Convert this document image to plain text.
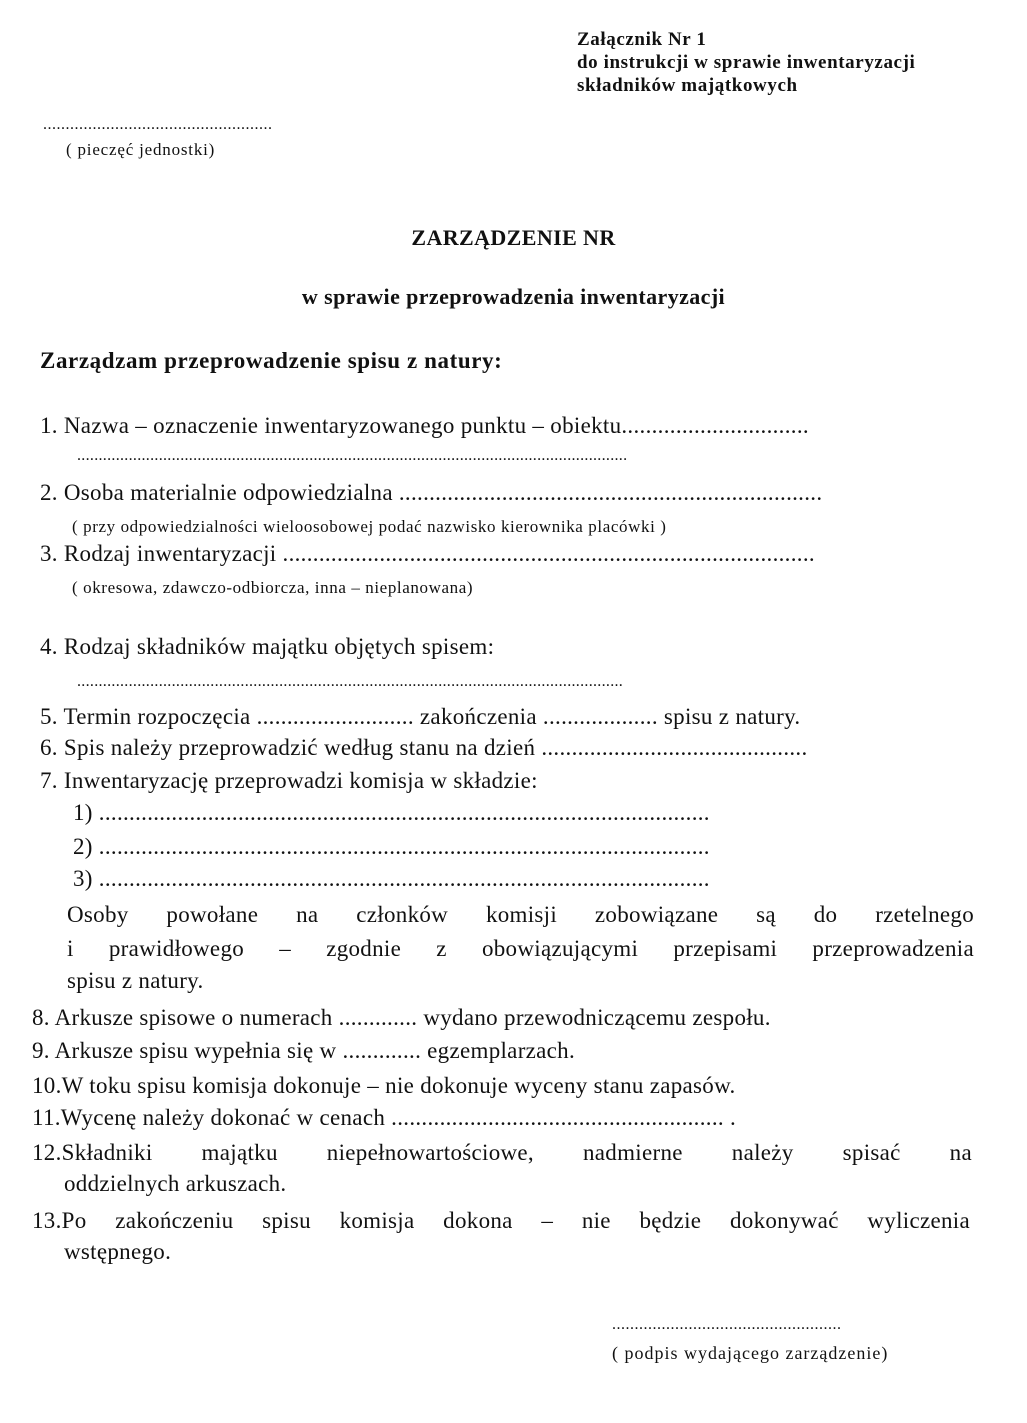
Załącznik Nr 1
do instrukcji w sprawie inwentaryzacji
składników majątkowych
...................................................
( pieczęć jednostki)
ZARZĄDZENIE NR
w sprawie przeprowadzenia inwentaryzacji
Zarządzam przeprowadzenie spisu z natury:
1. Nazwa – oznaczenie inwentaryzowanego punktu – obiektu...............................
................................................................................................................................
2. Osoba materialnie odpowiedzialna ......................................................................
( przy odpowiedzialności wieloosobowej podać nazwisko kierownika placówki )
3. Rodzaj inwentaryzacji ........................................................................................
( okresowa, zdawczo-odbiorcza, inna – nieplanowana)
4. Rodzaj składników majątku objętych spisem:
...............................................................................................................................
5. Termin rozpoczęcia .......................... zakończenia ................... spisu z natury.
6. Spis należy przeprowadzić według stanu na dzień ............................................
7. Inwentaryzację przeprowadzi komisja w składzie:
1) .....................................................................................................
2) .....................................................................................................
3) .....................................................................................................
Osoby powołane na członków komisji zobowiązane są do rzetelnego
i prawidłowego – zgodnie z obowiązującymi przepisami przeprowadzenia
spisu z natury.
8. Arkusze spisowe o numerach ............. wydano przewodniczącemu zespołu.
9. Arkusze spisu wypełnia się w ............. egzemplarzach.
10.W toku spisu komisja dokonuje – nie dokonuje wyceny stanu zapasów.
11.Wycenę należy dokonać w cenach ....................................................... .
12.Składniki majątku niepełnowartościowe, nadmierne należy spisać na
oddzielnych arkuszach.
13.Po zakończeniu spisu komisja dokona – nie będzie dokonywać wyliczenia
wstępnego.
...................................................
( podpis wydającego zarządzenie)
